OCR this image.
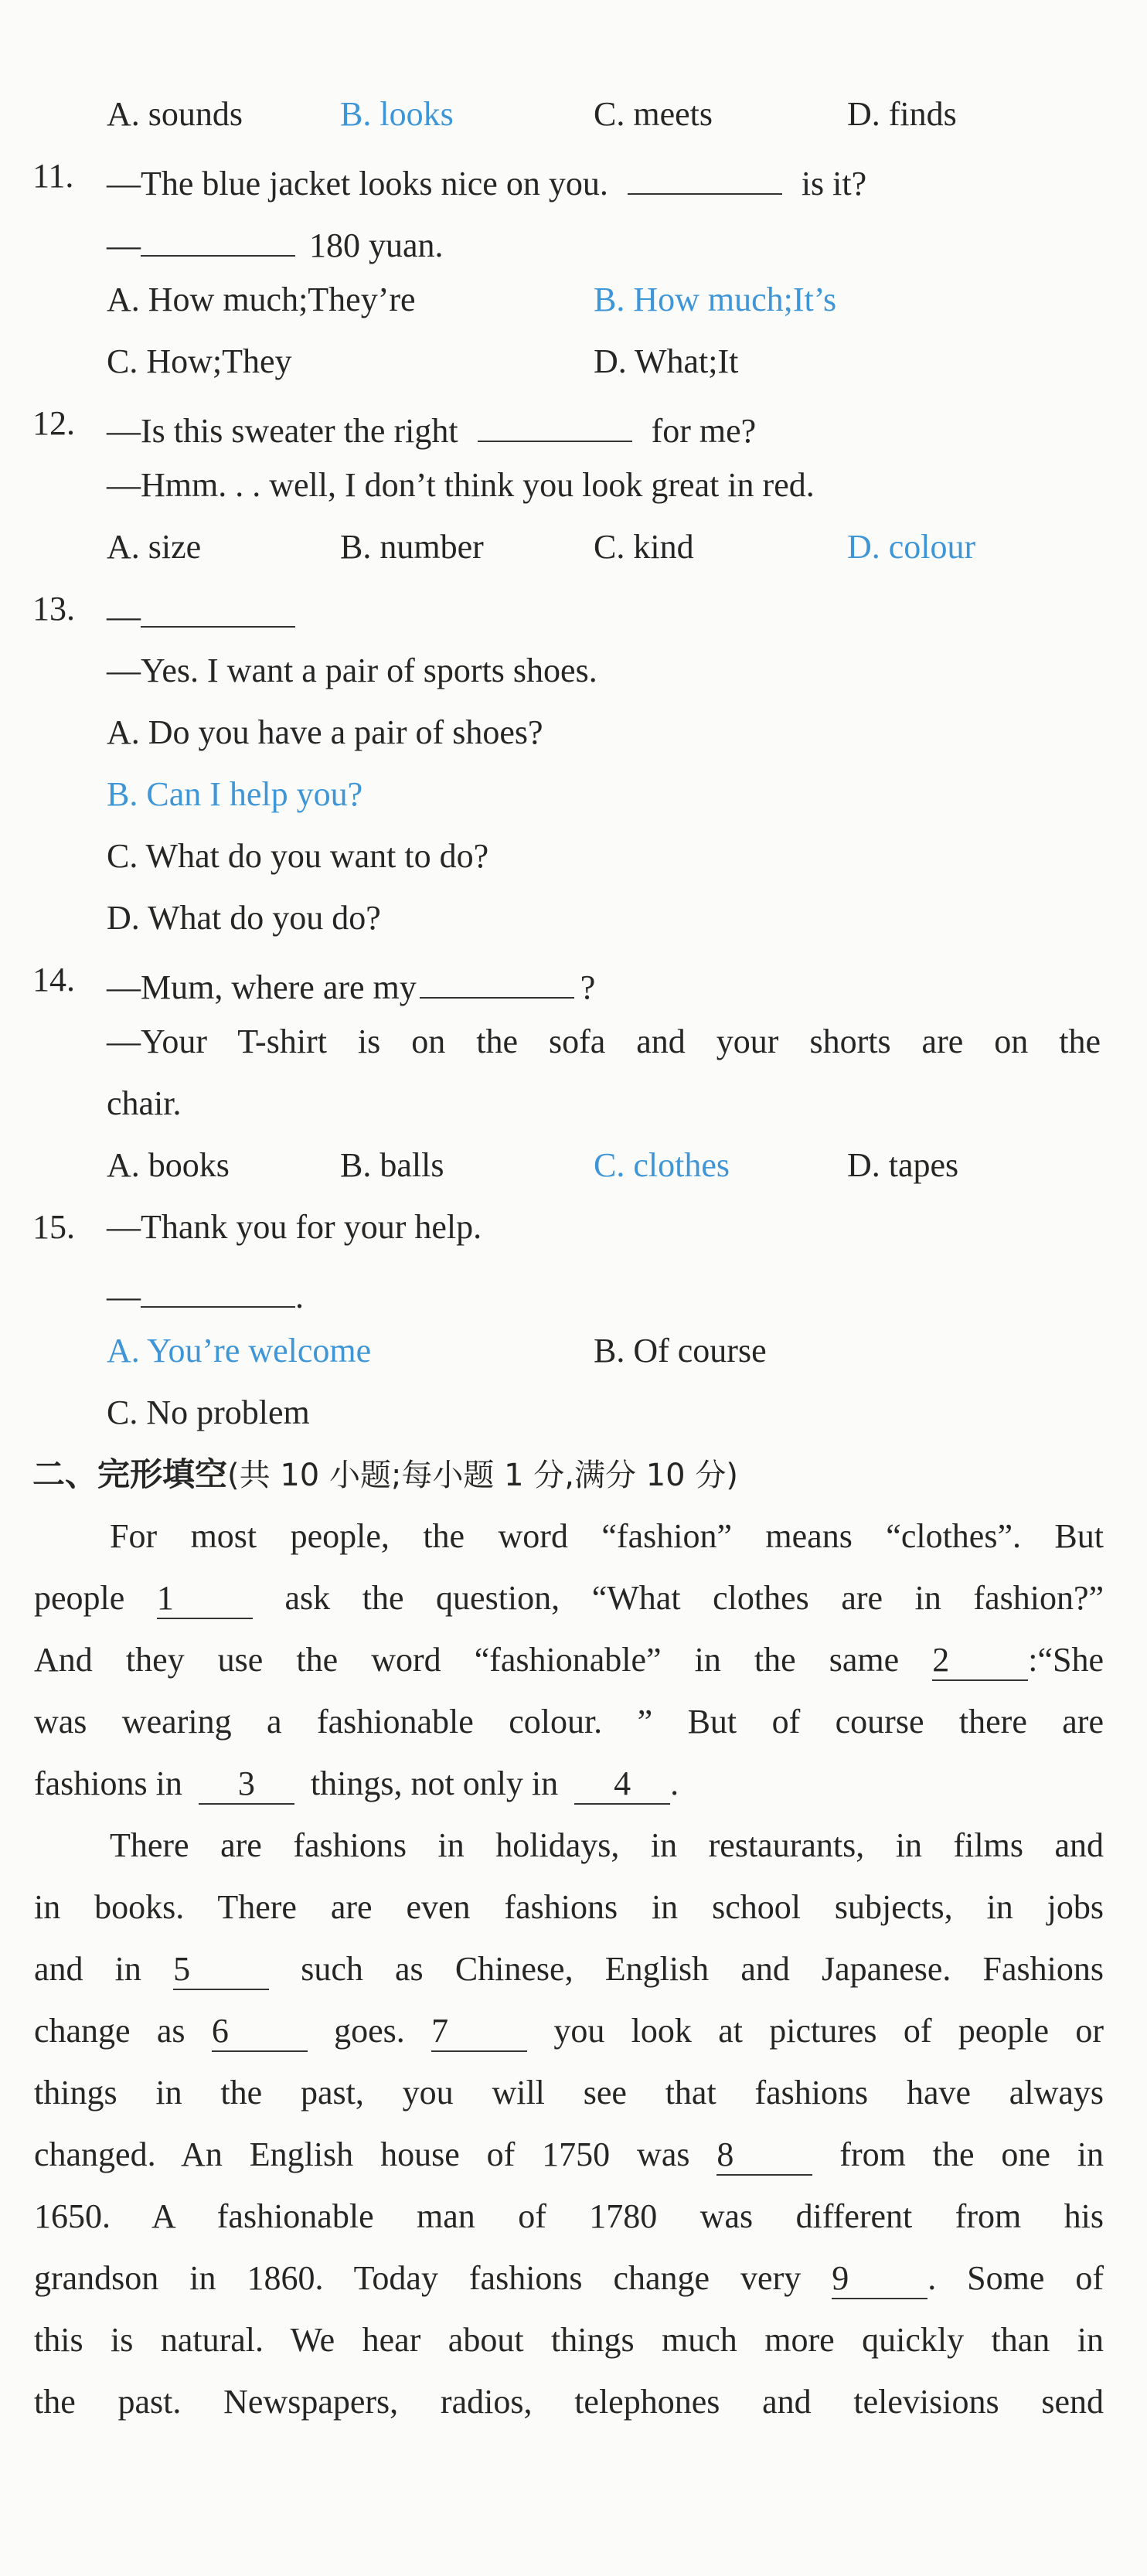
A. sounds	B. looks	C. meets	D. finds
11. —The blue jacket looks nice on you.	is it?
—	180 yuan.
A. How much;They’re	B. How much;It’s
C. How;They	D. What;It
12. —Is this sweater the right	for me?
—Hmm. . . well, I don’t think you look great in red.
A. size	B. number	C. kind	D. colour
13. —
—Yes. I want a pair of sports shoes.
A. Do you have a pair of shoes?
B. Can I help you?
C. What do you want to do?
D. What do you do?
14. —Mum, where are my	?
—Your T-shirt is on the sofa and your shorts are on the
chair.
A. books	B. balls	C. clothes	D. tapes
15. —Thank you for your help.
—	.
A. You’re welcome	B. Of course
C. No problem
二、完形填空(共 10 小题;每小题 1 分,满分 10 分)
For most people, the word “fashion” means “clothes”. But
people 1	ask the question, “What clothes are in fashion?”
And they use the word “fashionable” in the same 2 :“She
was wearing a fashionable colour. ” But of course there are
fashions in 3 things, not only in 4 .
There are fashions in holidays, in restaurants, in films and
in books. There are even fashions in school subjects, in jobs
and in 5	such as Chinese, English and Japanese. Fashions
change as 6	goes. 7	you look at pictures of people or
things in the past, you will see that fashions have always
changed. An English house of 1750 was 8	from the one in
1650. A fashionable man of 1780 was different from his
grandson in 1860. Today fashions change very 9 . Some of
this is natural. We hear about things much more quickly than in
the past. Newspapers, radios, telephones and televisions send
